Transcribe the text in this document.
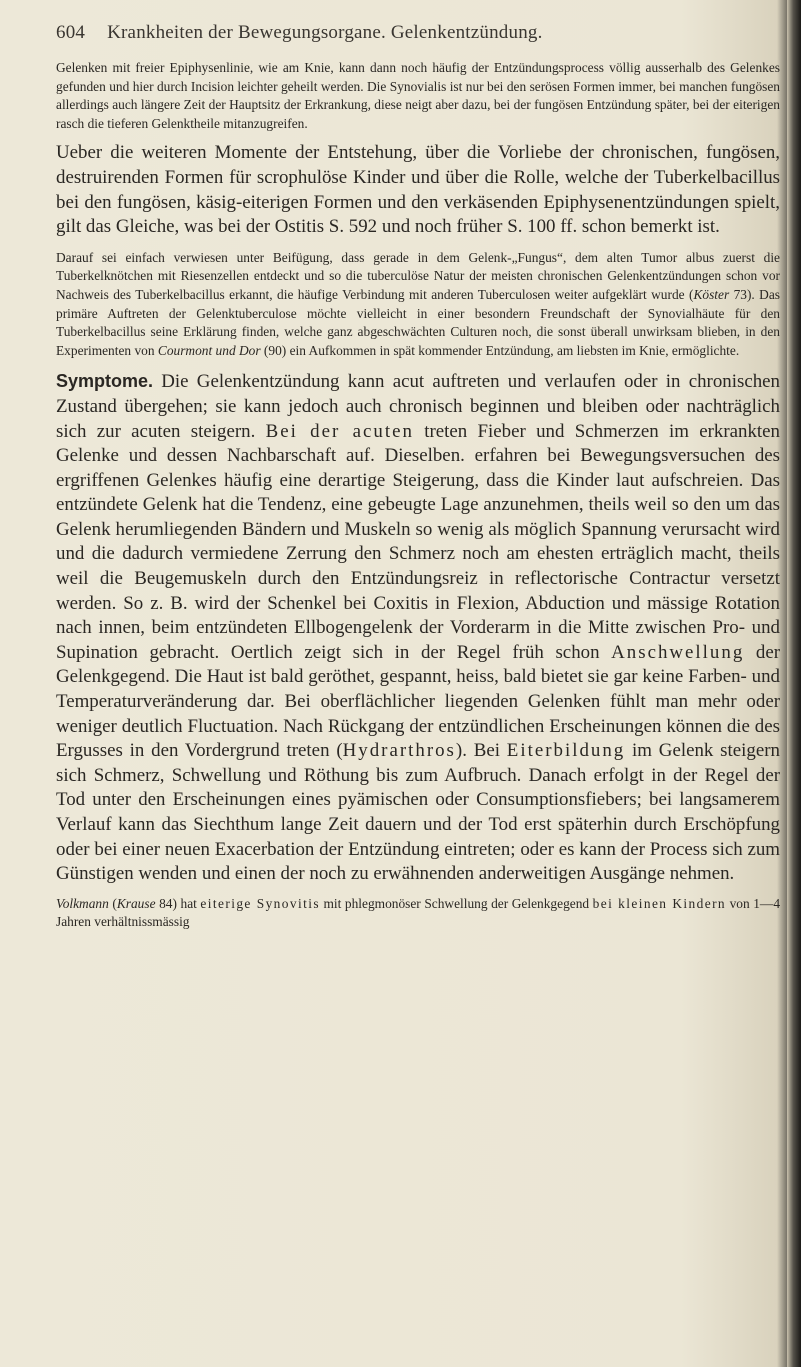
604 Krankheiten der Bewegungsorgane. Gelenkentzündung.

Gelenken mit freier Epiphysenlinie, wie am Knie, kann dann noch häufig der Entzündungsprocess völlig ausserhalb des Gelenkes gefunden und hier durch Incision leichter geheilt werden. Die Synovialis ist nur bei den serösen Formen immer, bei manchen fungösen allerdings auch längere Zeit der Hauptsitz der Erkrankung, diese neigt aber dazu, bei der fungösen Entzündung später, bei der eiterigen rasch die tieferen Gelenktheile mitanzugreifen.

Ueber die weiteren Momente der Entstehung, über die Vorliebe der chronischen, fungösen, destruirenden Formen für scrophulöse Kinder und über die Rolle, welche der Tuberkelbacillus bei den fungösen, käsig-eiterigen Formen und den verkäsenden Epiphysenentzündungen spielt, gilt das Gleiche, was bei der Ostitis S. 592 und noch früher S. 100 ff. schon bemerkt ist.

Darauf sei einfach verwiesen unter Beifügung, dass gerade in dem Gelenk-„Fungus“, dem alten Tumor albus zuerst die Tuberkelknötchen mit Riesenzellen entdeckt und so die tuberculöse Natur der meisten chronischen Gelenkentzündungen schon vor Nachweis des Tuberkelbacillus erkannt, die häufige Verbindung mit anderen Tuberculosen weiter aufgeklärt wurde (Köster 73). Das primäre Auftreten der Gelenktuberculose möchte vielleicht in einer besondern Freundschaft der Synovialhäute für den Tuberkelbacillus seine Erklärung finden, welche ganz abgeschwächten Culturen noch, die sonst überall unwirksam blieben, in den Experimenten von Courmont und Dor (90) ein Aufkommen in spät kommender Entzündung, am liebsten im Knie, ermöglichte.

Symptome. Die Gelenkentzündung kann acut auftreten und verlaufen oder in chronischen Zustand übergehen; sie kann jedoch auch chronisch beginnen und bleiben oder nachträglich sich zur acuten steigern. Bei der acuten treten Fieber und Schmerzen im erkrankten Gelenke und dessen Nachbarschaft auf. Dieselben. erfahren bei Bewegungsversuchen des ergriffenen Gelenkes häufig eine derartige Steigerung, dass die Kinder laut aufschreien. Das entzündete Gelenk hat die Tendenz, eine gebeugte Lage anzunehmen, theils weil so den um das Gelenk herumliegenden Bändern und Muskeln so wenig als möglich Spannung verursacht wird und die dadurch vermiedene Zerrung den Schmerz noch am ehesten erträglich macht, theils weil die Beugemuskeln durch den Entzündungsreiz in reflectorische Contractur versetzt werden. So z. B. wird der Schenkel bei Coxitis in Flexion, Abduction und mässige Rotation nach innen, beim entzündeten Ellbogengelenk der Vorderarm in die Mitte zwischen Pro- und Supination gebracht. Oertlich zeigt sich in der Regel früh schon Anschwellung der Gelenkgegend. Die Haut ist bald geröthet, gespannt, heiss, bald bietet sie gar keine Farben- und Temperaturveränderung dar. Bei oberflächlicher liegenden Gelenken fühlt man mehr oder weniger deutlich Fluctuation. Nach Rückgang der entzündlichen Erscheinungen können die des Ergusses in den Vordergrund treten (Hydrarthros). Bei Eiterbildung im Gelenk steigern sich Schmerz, Schwellung und Röthung bis zum Aufbruch. Danach erfolgt in der Regel der Tod unter den Erscheinungen eines pyämischen oder Consumptionsfiebers; bei langsamerem Verlauf kann das Siechthum lange Zeit dauern und der Tod erst späterhin durch Erschöpfung oder bei einer neuen Exacerbation der Entzündung eintreten; oder es kann der Process sich zum Günstigen wenden und einen der noch zu erwähnenden anderweitigen Ausgänge nehmen.

Volkmann (Krause 84) hat eiterige Synovitis mit phlegmonöser Schwellung der Gelenkgegend bei kleinen Kindern von 1—4 Jahren verhältnissmässig
